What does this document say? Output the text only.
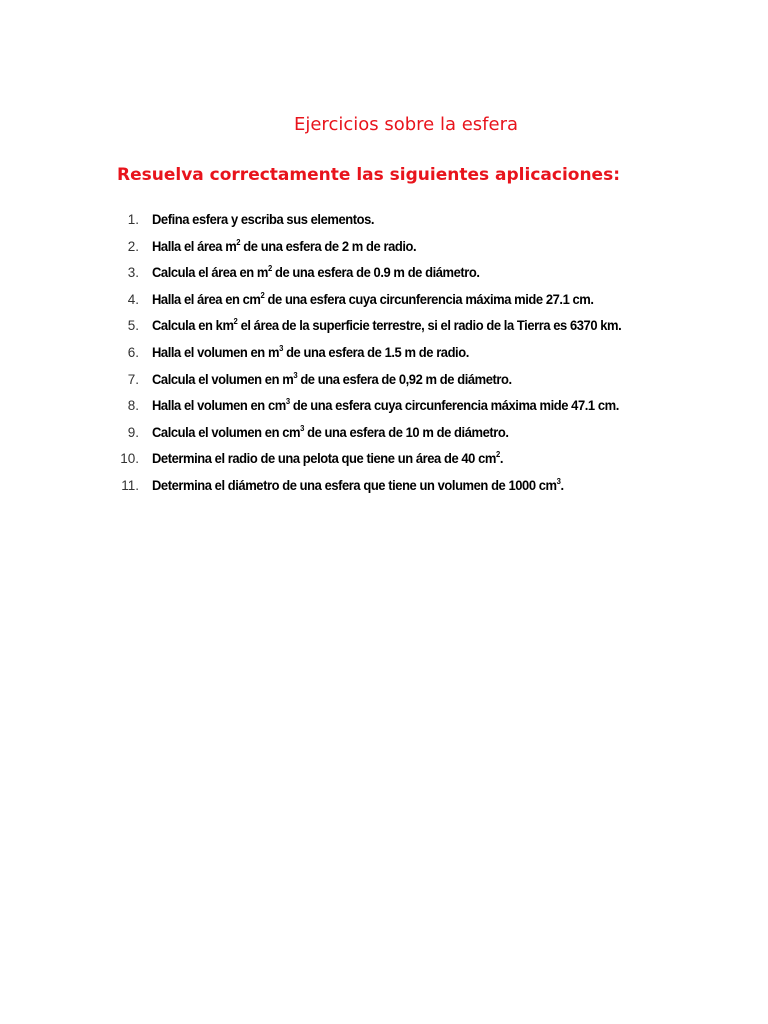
Ejercicios sobre la esfera
Resuelva correctamente las siguientes aplicaciones:
1. Defina esfera y escriba sus elementos.
2. Halla el área $m^2$ de una esfera de 2 m de radio.
3. Calcula el área en $m^2$ de una esfera de 0.9 m de diámetro.
4. Halla el área en $cm^2$ de una esfera cuya circunferencia máxima mide 27.1 cm.
5. Calcula en $km^2$ el área de la superficie terrestre, si el radio de la Tierra es 6370 km.
6. Halla el volumen en $m^3$ de una esfera de 1.5 m de radio.
7. Calcula el volumen en $m^3$ de una esfera de 0,92 m de diámetro.
8. Halla el volumen en $cm^3$ de una esfera cuya circunferencia máxima mide 47.1 cm.
9. Calcula el volumen en $cm^3$ de una esfera de 10 m de diámetro.
10. Determina el radio de una pelota que tiene un área de 40 $cm^2$.
11. Determina el diámetro de una esfera que tiene un volumen de 1000 $cm^3$.
